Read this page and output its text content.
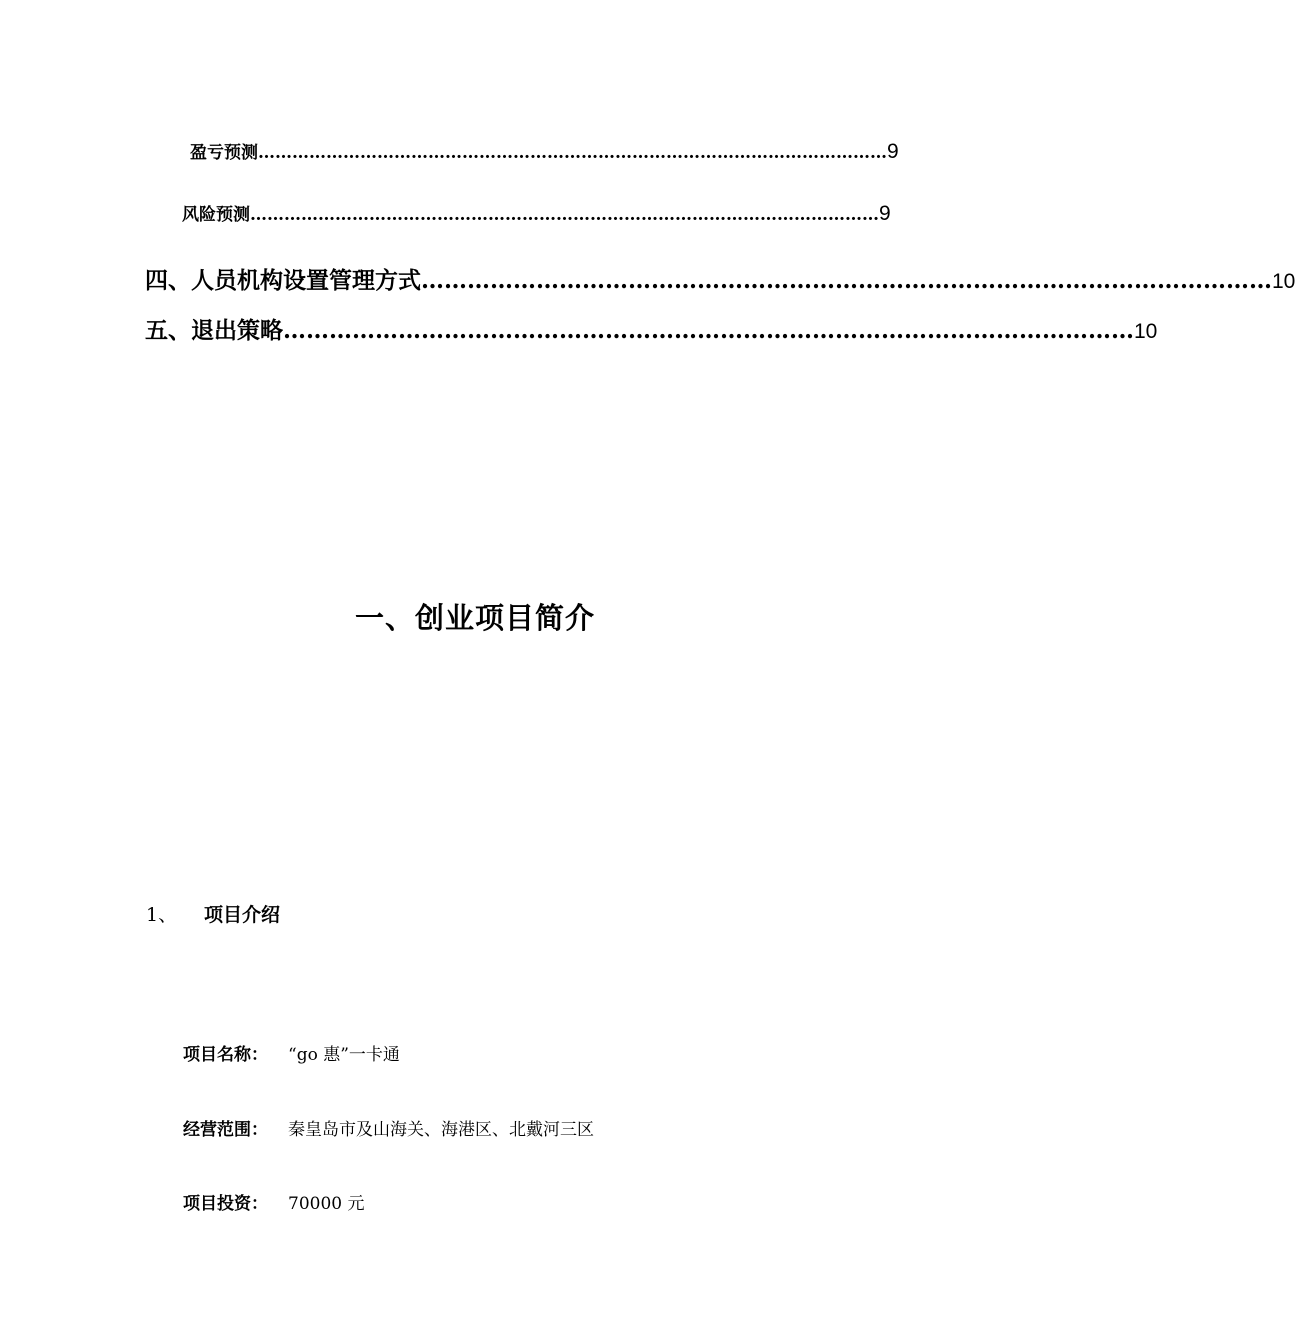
盈亏预测 ………………………………………………………………………………………………… 9
风险预测 ………………………………………………………………………………………………… 9
四、人员机构设置管理方式 ………………………………………………………………………………………………… 10
五、退出策略 ………………………………………………………………………………………………… 10
一、创业项目简介
1、 项目介绍
项目名称： “go 惠”一卡通
经营范围： 秦皇岛市及山海关、海港区、北戴河三区
项目投资： 70000 元
